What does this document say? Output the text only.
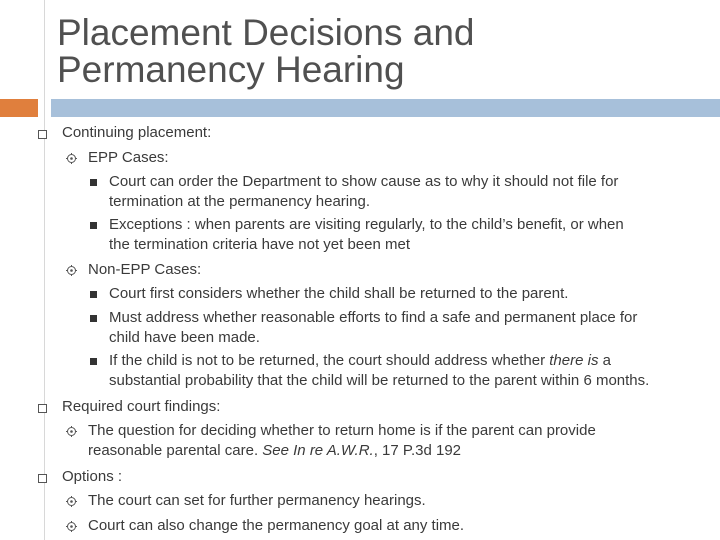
Placement Decisions and
Permanency Hearing
Continuing placement:
EPP Cases:
Court can order the Department to show cause as to why it should not file for
termination at the permanency hearing.
Exceptions : when parents are visiting regularly, to the child’s benefit, or when
the termination criteria have not yet been met
Non-EPP Cases:
Court first considers whether the child shall be returned to the parent.
Must address whether reasonable efforts to find a safe and permanent place for
child have been made.
If the child is not to be returned, the court should address whether there is a
substantial probability that the child will be returned to the parent within 6 months.
Required court findings:
The question for deciding whether to return home is if the parent can provide
reasonable parental care. See In re A.W.R., 17 P.3d 192
Options :
The court can set for further permanency hearings.
Court can also change the permanency goal at any time.
